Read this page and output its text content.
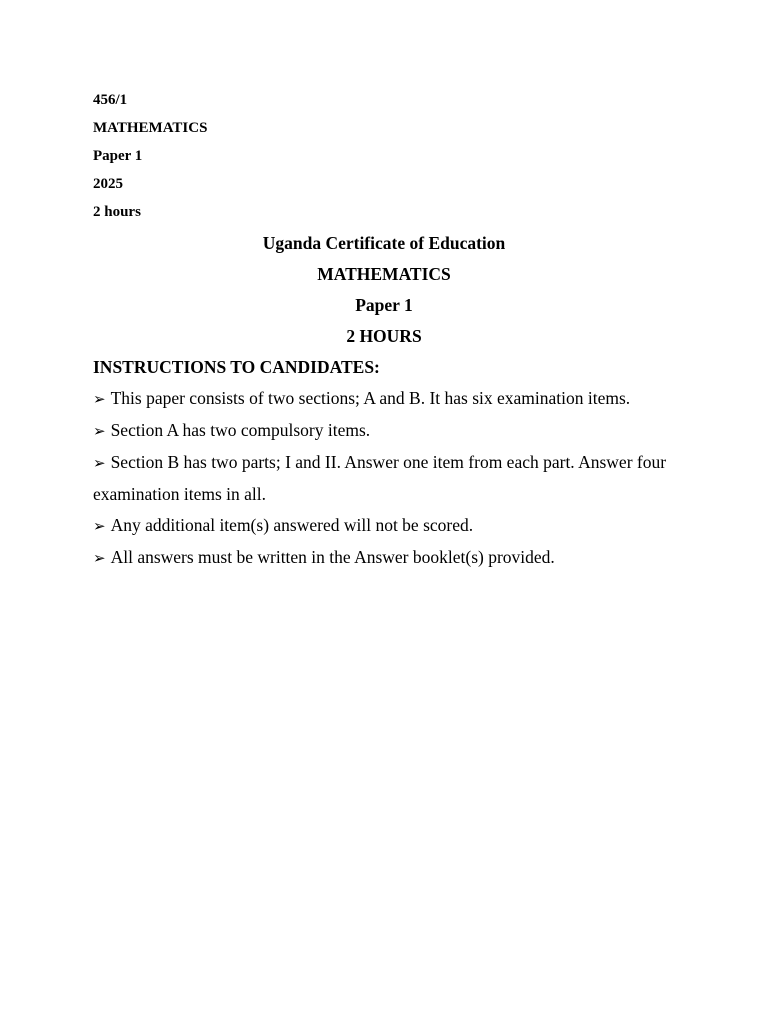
456/1

MATHEMATICS

Paper 1

2025

2 hours

Uganda Certificate of Education

MATHEMATICS

Paper 1

2 HOURS

INSTRUCTIONS TO CANDIDATES:

➢ This paper consists of two sections; A and B. It has six examination items.

➢ Section A has two compulsory items.

➢ Section B has two parts; I and II. Answer one item from each part. Answer four examination items in all.

➢ Any additional item(s) answered will not be scored.

➢ All answers must be written in the Answer booklet(s) provided.
